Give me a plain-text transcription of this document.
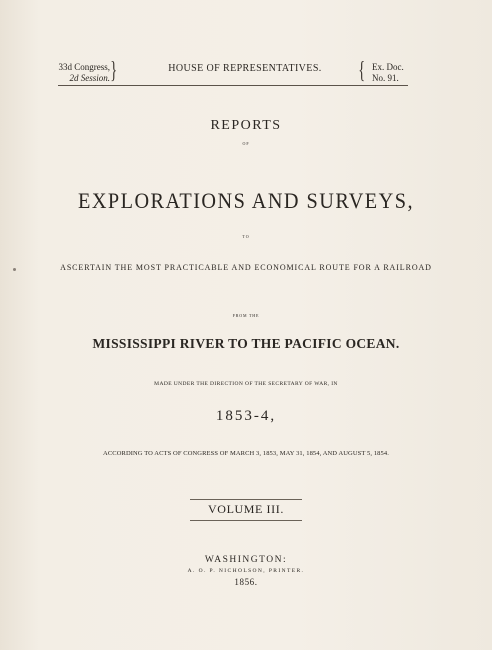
33d Congress,
2d Session. }	HOUSE OF REPRESENTATIVES.	{ Ex. Doc.
No. 91.
REPORTS
OF
EXPLORATIONS AND SURVEYS,
TO
ASCERTAIN THE MOST PRACTICABLE AND ECONOMICAL ROUTE FOR A RAILROAD
FROM THE
MISSISSIPPI RIVER TO THE PACIFIC OCEAN.
MADE UNDER THE DIRECTION OF THE SECRETARY OF WAR, IN
1853-4,
ACCORDING TO ACTS OF CONGRESS OF MARCH 3, 1853, MAY 31, 1854, AND AUGUST 5, 1854.
VOLUME III.
WASHINGTON:
A. O. P. NICHOLSON, PRINTER.
1856.
